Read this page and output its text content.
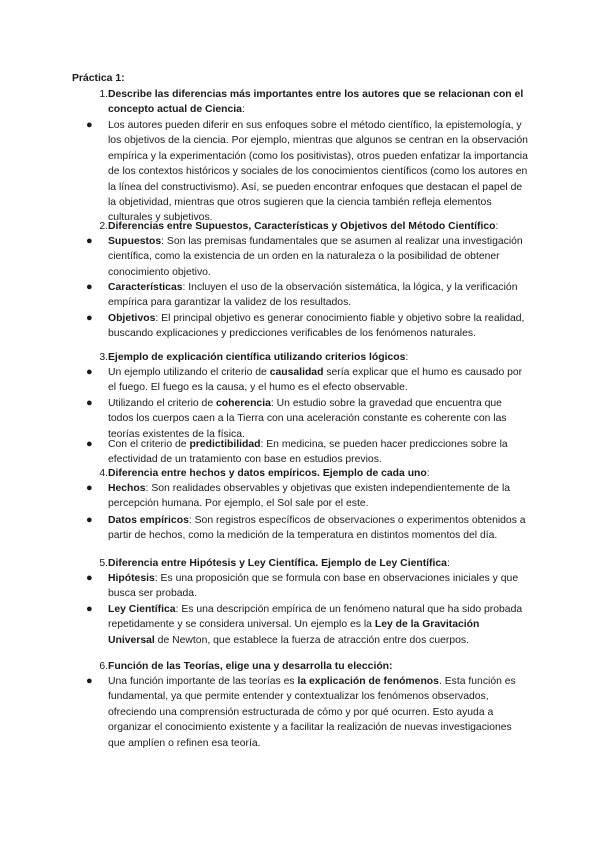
Práctica 1:
1. Describe las diferencias más importantes entre los autores que se relacionan con el concepto actual de Ciencia:
● Los autores pueden diferir en sus enfoques sobre el método científico, la epistemología, y los objetivos de la ciencia. Por ejemplo, mientras que algunos se centran en la observación empírica y la experimentación (como los positivistas), otros pueden enfatizar la importancia de los contextos históricos y sociales de los conocimientos científicos (como los autores en la línea del constructivismo). Así, se pueden encontrar enfoques que destacan el papel de la objetividad, mientras que otros sugieren que la ciencia también refleja elementos culturales y subjetivos.
2. Diferencias entre Supuestos, Características y Objetivos del Método Científico:
● Supuestos: Son las premisas fundamentales que se asumen al realizar una investigación científica, como la existencia de un orden en la naturaleza o la posibilidad de obtener conocimiento objetivo.
● Características: Incluyen el uso de la observación sistemática, la lógica, y la verificación empírica para garantizar la validez de los resultados.
● Objetivos: El principal objetivo es generar conocimiento fiable y objetivo sobre la realidad, buscando explicaciones y predicciones verificables de los fenómenos naturales.
3. Ejemplo de explicación científica utilizando criterios lógicos:
● Un ejemplo utilizando el criterio de causalidad sería explicar que el humo es causado por el fuego. El fuego es la causa, y el humo es el efecto observable.
● Utilizando el criterio de coherencia: Un estudio sobre la gravedad que encuentra que todos los cuerpos caen a la Tierra con una aceleración constante es coherente con las teorías existentes de la física.
● Con el criterio de predictibilidad: En medicina, se pueden hacer predicciones sobre la efectividad de un tratamiento con base en estudios previos.
4. Diferencia entre hechos y datos empíricos. Ejemplo de cada uno:
● Hechos: Son realidades observables y objetivas que existen independientemente de la percepción humana. Por ejemplo, el Sol sale por el este.
● Datos empíricos: Son registros específicos de observaciones o experimentos obtenidos a partir de hechos, como la medición de la temperatura en distintos momentos del día.
5. Diferencia entre Hipótesis y Ley Científica. Ejemplo de Ley Científica:
● Hipótesis: Es una proposición que se formula con base en observaciones iniciales y que busca ser probada.
● Ley Científica: Es una descripción empírica de un fenómeno natural que ha sido probada repetidamente y se considera universal. Un ejemplo es la Ley de la Gravitación Universal de Newton, que establece la fuerza de atracción entre dos cuerpos.
6. Función de las Teorías, elige una y desarrolla tu elección:
● Una función importante de las teorías es la explicación de fenómenos. Esta función es fundamental, ya que permite entender y contextualizar los fenómenos observados, ofreciendo una comprensión estructurada de cómo y por qué ocurren. Esto ayuda a organizar el conocimiento existente y a facilitar la realización de nuevas investigaciones que amplíen o refinen esa teoría.
